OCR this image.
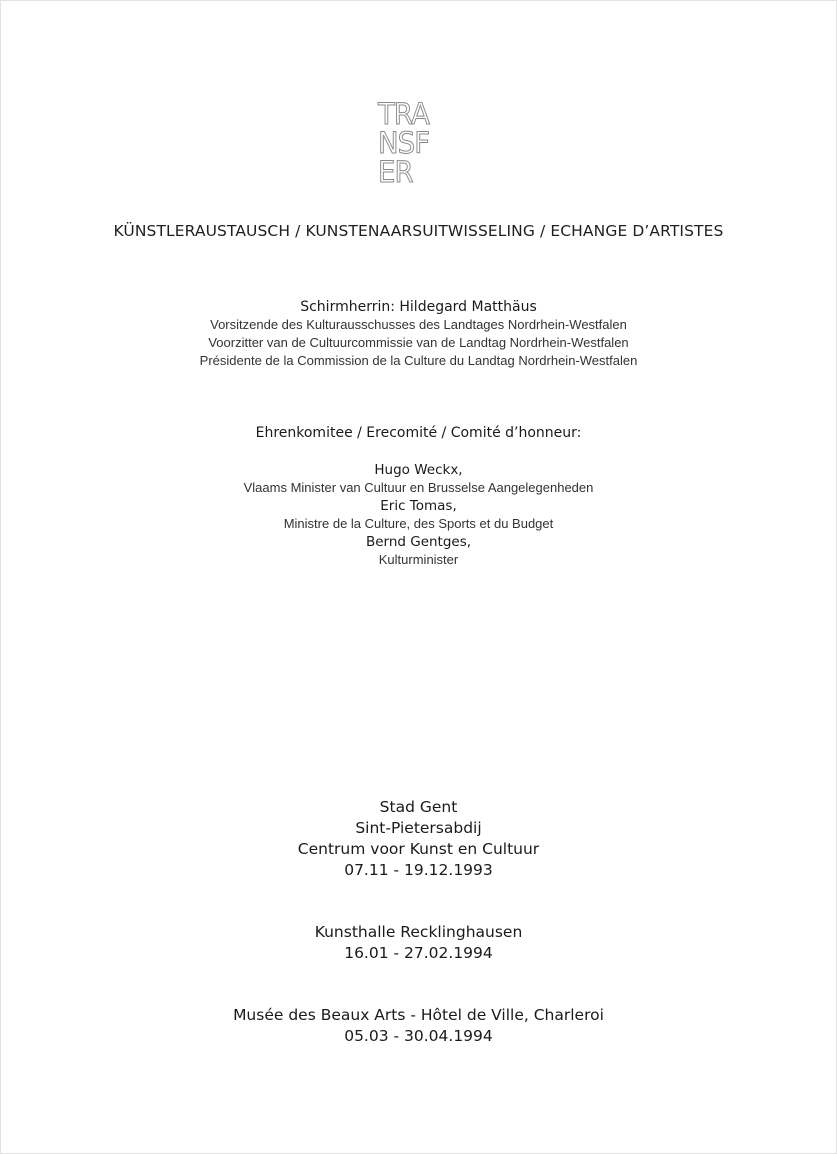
TRA
NSF
ER
KÜNSTLERAUSTAUSCH / KUNSTENAARSUITWISSELING / ECHANGE D’ARTISTES
Schirmherrin: Hildegard Matthäus
Vorsitzende des Kulturausschusses des Landtages Nordrhein-Westfalen
Voorzitter van de Cultuurcommissie van de Landtag Nordrhein-Westfalen
Présidente de la Commission de la Culture du Landtag Nordrhein-Westfalen
Ehrenkomitee / Erecomité / Comité d’honneur:
Hugo Weckx,
Vlaams Minister van Cultuur en Brusselse Aangelegenheden
Eric Tomas,
Ministre de la Culture, des Sports et du Budget
Bernd Gentges,
Kulturminister
Stad Gent
Sint-Pietersabdij
Centrum voor Kunst en Cultuur
07.11 - 19.12.1993
Kunsthalle Recklinghausen
16.01 - 27.02.1994
Musée des Beaux Arts - Hôtel de Ville, Charleroi
05.03 - 30.04.1994
